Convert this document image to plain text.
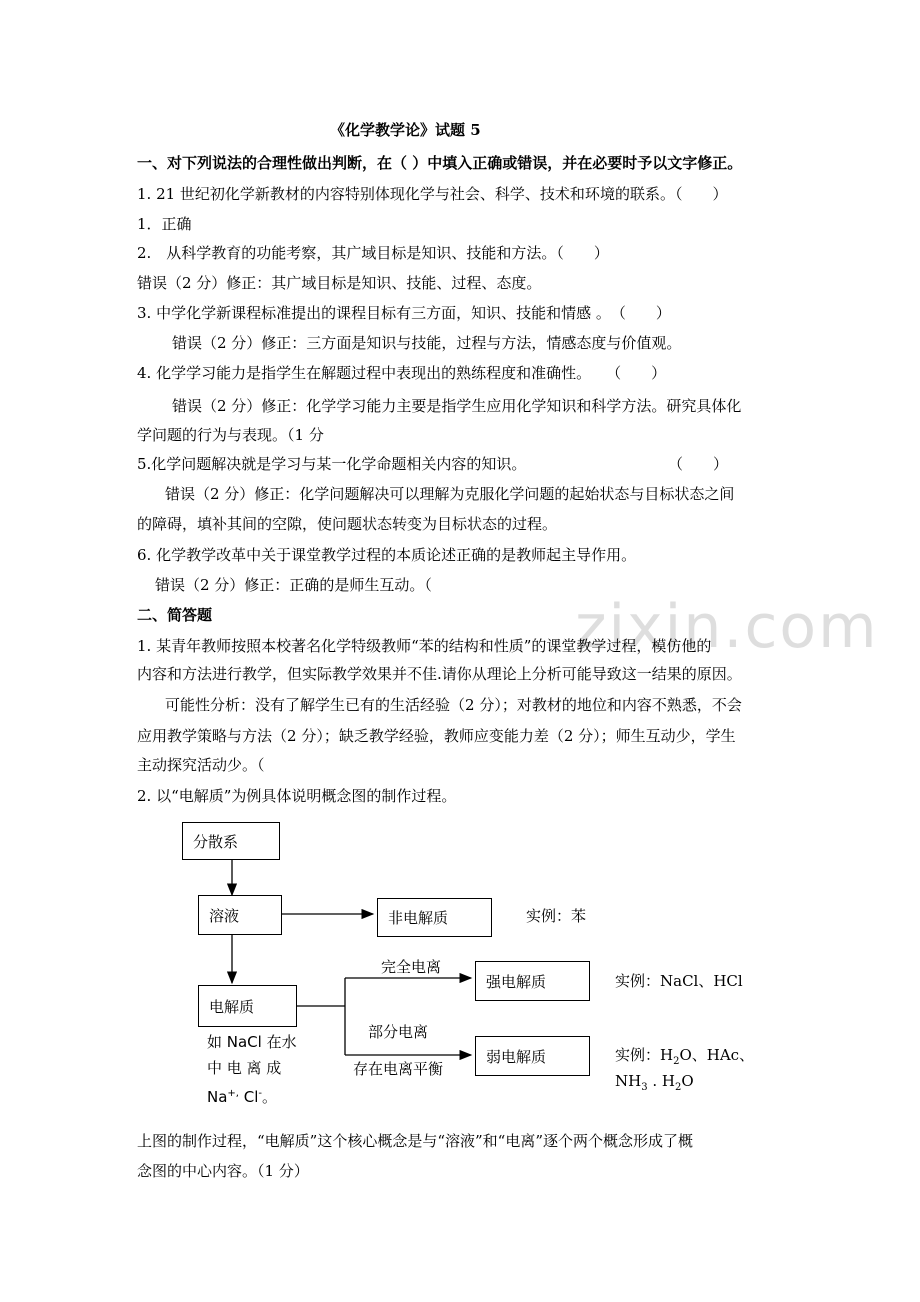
zixin.com
《化学教学论》试题 5
一、对下列说法的合理性做出判断，在（ ）中填入正确或错误，并在必要时予以文字修正。
1. 21 世纪初化学新教材的内容特别体现化学与社会、科学、技术和环境的联系。（　　）
1．正确
2.　从科学教育的功能考察，其广域目标是知识、技能和方法。（　　）
错误（2 分）修正：其广域目标是知识、技能、过程、态度。
3. 中学化学新课程标准提出的课程目标有三方面，知识、技能和情感 。　（　　）
错误（2 分）修正：三方面是知识与技能，过程与方法，情感态度与价值观。
4. 化学学习能力是指学生在解题过程中表现出的熟练程度和准确性。　　（　　）
错误（2 分）修正：化学学习能力主要是指学生应用化学知识和科学方法。研究具体化
学问题的行为与表现。（1 分
5.化学问题解决就是学习与某一化学命题相关内容的知识。	（　　）
错误（2 分）修正：化学问题解决可以理解为克服化学问题的起始状态与目标状态之间
的障碍，填补其间的空隙，使问题状态转变为目标状态的过程。
6. 化学教学改革中关于课堂教学过程的本质论述正确的是教师起主导作用。
错误（2 分）修正：正确的是师生互动。（
二、简答题
1. 某青年教师按照本校著名化学特级教师“苯的结构和性质”的课堂教学过程，模仿他的
内容和方法进行教学，但实际教学效果并不佳.请你从理论上分析可能导致这一结果的原因。
可能性分析：没有了解学生已有的生活经验（2 分）；对教材的地位和内容不熟悉，不会
应用教学策略与方法（2 分）；缺乏教学经验，教师应变能力差（2 分）；师生互动少，学生
主动探究活动少。（
2. 以“电解质”为例具体说明概念图的制作过程。
分散系
溶液	非电解质
电解质
强电解质
弱电解质
实例：苯
实例：NaCl、HCl
实例：$H_2O$、HAc、
$NH_3$ . $H_2O$
完全电离
部分电离
存在电离平衡
如 NaCl 在水
中 电 离 成
Na+, Cl-。
上图的制作过程，“电解质”这个核心概念是与“溶液”和“电离”逐个两个概念形成了概
念图的中心内容。（1 分）
